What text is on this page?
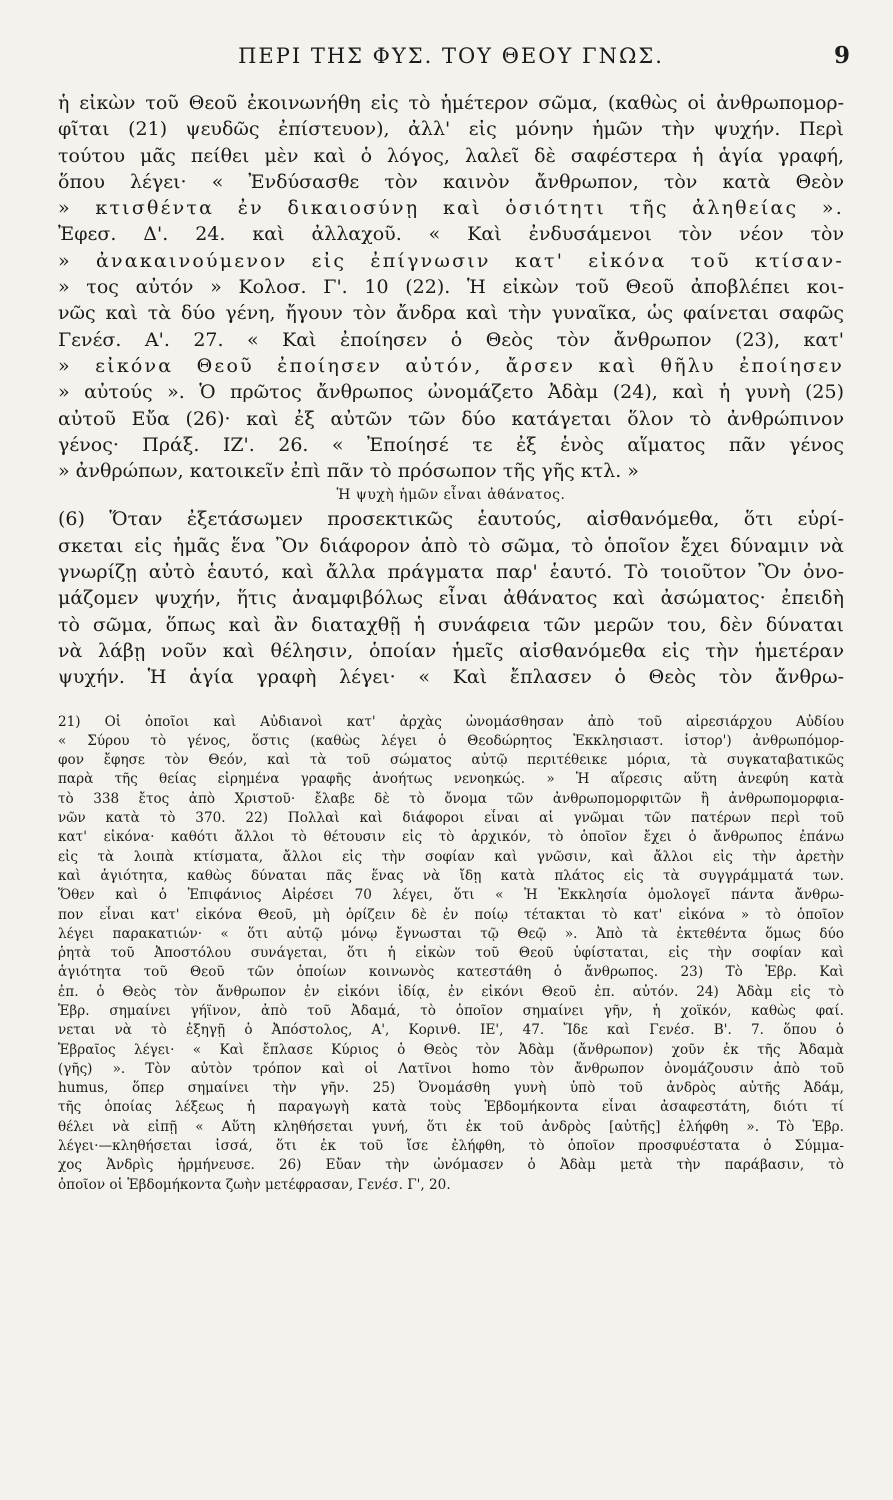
ΠΕΡΙ ΤΗΣ ΦΥΣ. ΤΟΥ ΘΕΟΥ ΓΝΩΣ.	9
ἡ εἰκὼν τοῦ Θεοῦ ἐκοινωνήθη εἰς τὸ ἡμέτερον σῶμα, (καθὼς οἱ ἀνθρωπομορ-
φῖται (21) ψευδῶς ἐπίστευον), ἀλλ' εἰς μόνην ἡμῶν τὴν ψυχήν. Περὶ
τούτου μᾶς πείθει μὲν καὶ ὁ λόγος, λαλεῖ δὲ σαφέστερα ἡ ἁγία γραφή,
ὅπου λέγει· « Ἐνδύσασθε τὸν καινὸν ἄνθρωπον, τὸν κατὰ Θεὸν
» κτισθέντα ἐν δικαιοσύνῃ καὶ ὁσιότητι τῆς ἀληθείας ».
Ἐφεσ. Δ'. 24. καὶ ἀλλαχοῦ. « Καὶ ἐνδυσάμενοι τὸν νέον τὸν
» ἀνακαινούμενον εἰς ἐπίγνωσιν κατ' εἰκόνα τοῦ κτίσαν-
» τος αὐτόν » Κολοσ. Γ'. 10 (22). Ἡ εἰκὼν τοῦ Θεοῦ ἀποβλέπει κοι-
νῶς καὶ τὰ δύο γένη, ἤγουν τὸν ἄνδρα καὶ τὴν γυναῖκα, ὡς φαίνεται σαφῶς
Γενέσ. Α'. 27. « Καὶ ἐποίησεν ὁ Θεὸς τὸν ἄνθρωπον (23), κατ'
» εἰκόνα Θεοῦ ἐποίησεν αὐτόν, ἄρσεν καὶ θῆλυ ἐποίησεν
» αὐτούς ». Ὁ πρῶτος ἄνθρωπος ὠνομάζετο Ἀδὰμ (24), καὶ ἡ γυνὴ (25)
αὐτοῦ Εὔα (26)· καὶ ἐξ αὐτῶν τῶν δύο κατάγεται ὅλον τὸ ἀνθρώπινον
γένος· Πράξ. ΙΖ'. 26. « Ἐποίησέ τε ἐξ ἑνὸς αἵματος πᾶν γένος
» ἀνθρώπων, κατοικεῖν ἐπὶ πᾶν τὸ πρόσωπον τῆς γῆς κτλ. »
Ἡ ψυχὴ ἡμῶν εἶναι ἀθάνατος.
(6) Ὅταν ἐξετάσωμεν προσεκτικῶς ἑαυτούς, αἰσθανόμεθα, ὅτι εὑρί-
σκεται εἰς ἡμᾶς ἕνα Ὂν διάφορον ἀπὸ τὸ σῶμα, τὸ ὁποῖον ἔχει δύναμιν νὰ
γνωρίζῃ αὐτὸ ἑαυτό, καὶ ἄλλα πράγματα παρ' ἑαυτό. Τὸ τοιοῦτον Ὂν ὀνο-
μάζομεν ψυχήν, ἥτις ἀναμφιβόλως εἶναι ἀθάνατος καὶ ἀσώματος· ἐπειδὴ
τὸ σῶμα, ὅπως καὶ ἂν διαταχθῇ ἡ συνάφεια τῶν μερῶν του, δὲν δύναται
νὰ λάβῃ νοῦν καὶ θέλησιν, ὁποίαν ἡμεῖς αἰσθανόμεθα εἰς τὴν ἡμετέραν
ψυχήν. Ἡ ἁγία γραφὴ λέγει· « Καὶ ἔπλασεν ὁ Θεὸς τὸν ἄνθρω-
21) Οἱ ὁποῖοι καὶ Αὐδιανοὶ κατ' ἀρχὰς ὠνομάσθησαν ἀπὸ τοῦ αἱρεσιάρχου Αὐδίου
« Σύρου τὸ γένος, ὅστις (καθὼς λέγει ὁ Θεοδώρητος Ἐκκλησιαστ. ἱστορ') ἀνθρωπόμορ-
φον ἔφησε τὸν Θεόν, καὶ τὰ τοῦ σώματος αὐτῷ περιτέθεικε μόρια, τὰ συγκαταβατικῶς
παρὰ τῆς θείας εἰρημένα γραφῆς ἀνοήτως νενοηκώς. » Ἡ αἵρεσις αὕτη ἀνεφύη κατὰ
τὸ 338 ἔτος ἀπὸ Χριστοῦ· ἔλαβε δὲ τὸ ὄνομα τῶν ἀνθρωπομορφιτῶν ἢ ἀνθρωπομορφια-
νῶν κατὰ τὸ 370. 22) Πολλαὶ καὶ διάφοροι εἶναι αἱ γνῶμαι τῶν πατέρων περὶ τοῦ
κατ' εἰκόνα· καθότι ἄλλοι τὸ θέτουσιν εἰς τὸ ἀρχικόν, τὸ ὁποῖον ἔχει ὁ ἄνθρωπος ἐπάνω
εἰς τὰ λοιπὰ κτίσματα, ἄλλοι εἰς τὴν σοφίαν καὶ γνῶσιν, καὶ ἄλλοι εἰς τὴν ἀρετὴν
καὶ ἁγιότητα, καθὼς δύναται πᾶς ἕνας νὰ ἴδῃ κατὰ πλάτος εἰς τὰ συγγράμματά των.
Ὅθεν καὶ ὁ Ἐπιφάνιος Αἱρέσει 70 λέγει, ὅτι « Ἡ Ἐκκλησία ὁμολογεῖ πάντα ἄνθρω-
πον εἶναι κατ' εἰκόνα Θεοῦ, μὴ ὁρίζειν δὲ ἐν ποίῳ τέτακται τὸ κατ' εἰκόνα » τὸ ὁποῖον
λέγει παρακατιών· « ὅτι αὐτῷ μόνῳ ἔγνωσται τῷ Θεῷ ». Ἀπὸ τὰ ἐκτεθέντα ὅμως δύο
ῥητὰ τοῦ Ἀποστόλου συνάγεται, ὅτι ἡ εἰκὼν τοῦ Θεοῦ ὑφίσταται, εἰς τὴν σοφίαν καὶ
ἁγιότητα τοῦ Θεοῦ τῶν ὁποίων κοινωνὸς κατεστάθη ὁ ἄνθρωπος. 23) Τὸ Ἑβρ. Καὶ
ἐπ. ὁ Θεὸς τὸν ἄνθρωπον ἐν εἰκόνι ἰδίᾳ, ἐν εἰκόνι Θεοῦ ἐπ. αὐτόν. 24) Ἀδὰμ εἰς τὸ
Ἑβρ. σημαίνει γήϊνον, ἀπὸ τοῦ Ἀδαμά, τὸ ὁποῖον σημαίνει γῆν, ἡ χοϊκόν, καθὼς φαί.
νεται νὰ τὸ ἐξηγῇ ὁ Ἀπόστολος, Α', Κορινθ. ΙΕ', 47. Ἴδε καὶ Γενέσ. Β'. 7. ὅπου ὁ
Ἑβραῖος λέγει· « Καὶ ἔπλασε Κύριος ὁ Θεὸς τὸν Ἀδὰμ (ἄνθρωπον) χοῦν ἐκ τῆς Ἀδαμὰ
(γῆς) ». Τὸν αὐτὸν τρόπον καὶ οἱ Λατῖνοι homo τὸν ἄνθρωπον ὀνομάζουσιν ἀπὸ τοῦ
humus, ὅπερ σημαίνει τὴν γῆν. 25) Ὀνομάσθη γυνὴ ὑπὸ τοῦ ἀνδρὸς αὐτῆς Ἀδάμ,
τῆς ὁποίας λέξεως ἡ παραγωγὴ κατὰ τοὺς Ἑβδομήκοντα εἶναι ἀσαφεστάτη, διότι τί
θέλει νὰ εἰπῇ « Αὕτη κληθήσεται γυνή, ὅτι ἐκ τοῦ ἀνδρὸς [αὐτῆς] ἐλήφθη ». Τὸ Ἑβρ.
λέγει·—κληθήσεται ἰσσά, ὅτι ἐκ τοῦ ἴσε ἐλήφθη, τὸ ὁποῖον προσφυέστατα ὁ Σύμμα-
χος Ἀνδρὶς ἡρμήνευσε. 26) Εὔαν τὴν ὠνόμασεν ὁ Ἀδὰμ μετὰ τὴν παράβασιν, τὸ
ὁποῖον οἱ Ἑβδομήκοντα ζωὴν μετέφρασαν, Γενέσ. Γ', 20.
